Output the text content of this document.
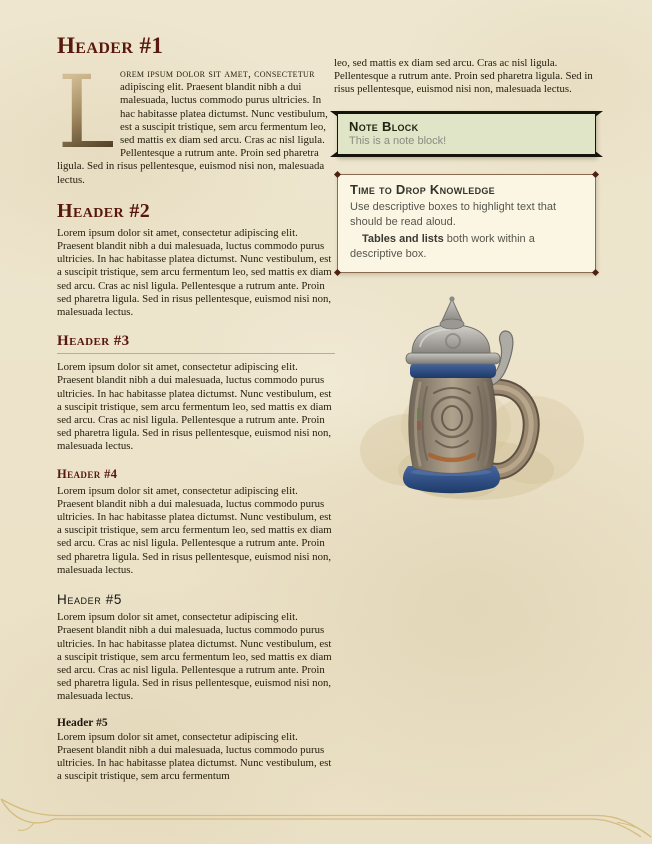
Header #1

L
orem ipsum dolor sit amet, consectetur adipiscing elit. Praesent blandit nibh a dui malesuada, luctus commodo purus ultricies. In hac habitasse platea dictumst. Nunc vestibulum, est a suscipit tristique, sem arcu fermentum leo, sed mattis ex diam sed arcu. Cras ac nisl ligula. Pellentesque a rutrum ante. Proin sed pharetra ligula. Sed in risus pellentesque, euismod nisi non, malesuada lectus.

Header #2

Lorem ipsum dolor sit amet, consectetur adipiscing elit. Praesent blandit nibh a dui malesuada, luctus commodo purus ultricies. In hac habitasse platea dictumst. Nunc vestibulum, est a suscipit tristique, sem arcu fermentum leo, sed mattis ex diam sed arcu. Cras ac nisl ligula. Pellentesque a rutrum ante. Proin sed pharetra ligula. Sed in risus pellentesque, euismod nisi non, malesuada lectus.

Header #3

Lorem ipsum dolor sit amet, consectetur adipiscing elit. Praesent blandit nibh a dui malesuada, luctus commodo purus ultricies. In hac habitasse platea dictumst. Nunc vestibulum, est a suscipit tristique, sem arcu fermentum leo, sed mattis ex diam sed arcu. Cras ac nisl ligula. Pellentesque a rutrum ante. Proin sed pharetra ligula. Sed in risus pellentesque, euismod nisi non, malesuada lectus.

Header #4

Lorem ipsum dolor sit amet, consectetur adipiscing elit. Praesent blandit nibh a dui malesuada, luctus commodo purus ultricies. In hac habitasse platea dictumst. Nunc vestibulum, est a suscipit tristique, sem arcu fermentum leo, sed mattis ex diam sed arcu. Cras ac nisl ligula. Pellentesque a rutrum ante. Proin sed pharetra ligula. Sed in risus pellentesque, euismod nisi non, malesuada lectus.

Header #5

Lorem ipsum dolor sit amet, consectetur adipiscing elit. Praesent blandit nibh a dui malesuada, luctus commodo purus ultricies. In hac habitasse platea dictumst. Nunc vestibulum, est a suscipit tristique, sem arcu fermentum leo, sed mattis ex diam sed arcu. Cras ac nisl ligula. Pellentesque a rutrum ante. Proin sed pharetra ligula. Sed in risus pellentesque, euismod nisi non, malesuada lectus.

Header #5

Lorem ipsum dolor sit amet, consectetur adipiscing elit. Praesent blandit nibh a dui malesuada, luctus commodo purus ultricies. In hac habitasse platea dictumst. Nunc vestibulum, est a suscipit tristique, sem arcu fermentum

leo, sed mattis ex diam sed arcu. Cras ac nisl ligula. Pellentesque a rutrum ante. Proin sed pharetra ligula. Sed in risus pellentesque, euismod nisi non, malesuada lectus.

Note Block

This is a note block!

Time to Drop Knowledge

Use descriptive boxes to highlight text that should be read aloud.

Tables and lists both work within a descriptive box.
